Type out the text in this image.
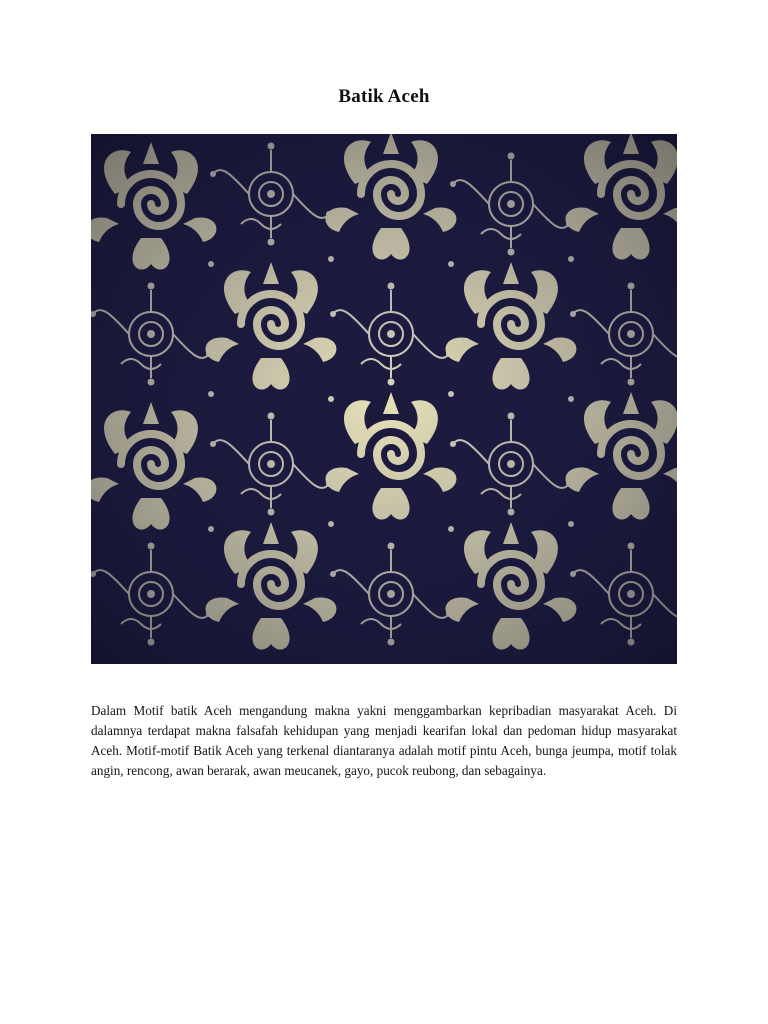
Batik Aceh
Dalam Motif batik Aceh mengandung makna yakni menggambarkan kepribadian masyarakat Aceh. Di dalamnya terdapat makna falsafah kehidupan yang menjadi kearifan lokal dan pedoman hidup masyarakat Aceh. Motif-motif Batik Aceh yang terkenal diantaranya adalah motif pintu Aceh, bunga jeumpa, motif tolak angin, rencong, awan berarak, awan meucanek, gayo, pucok reubong, dan sebagainya.
